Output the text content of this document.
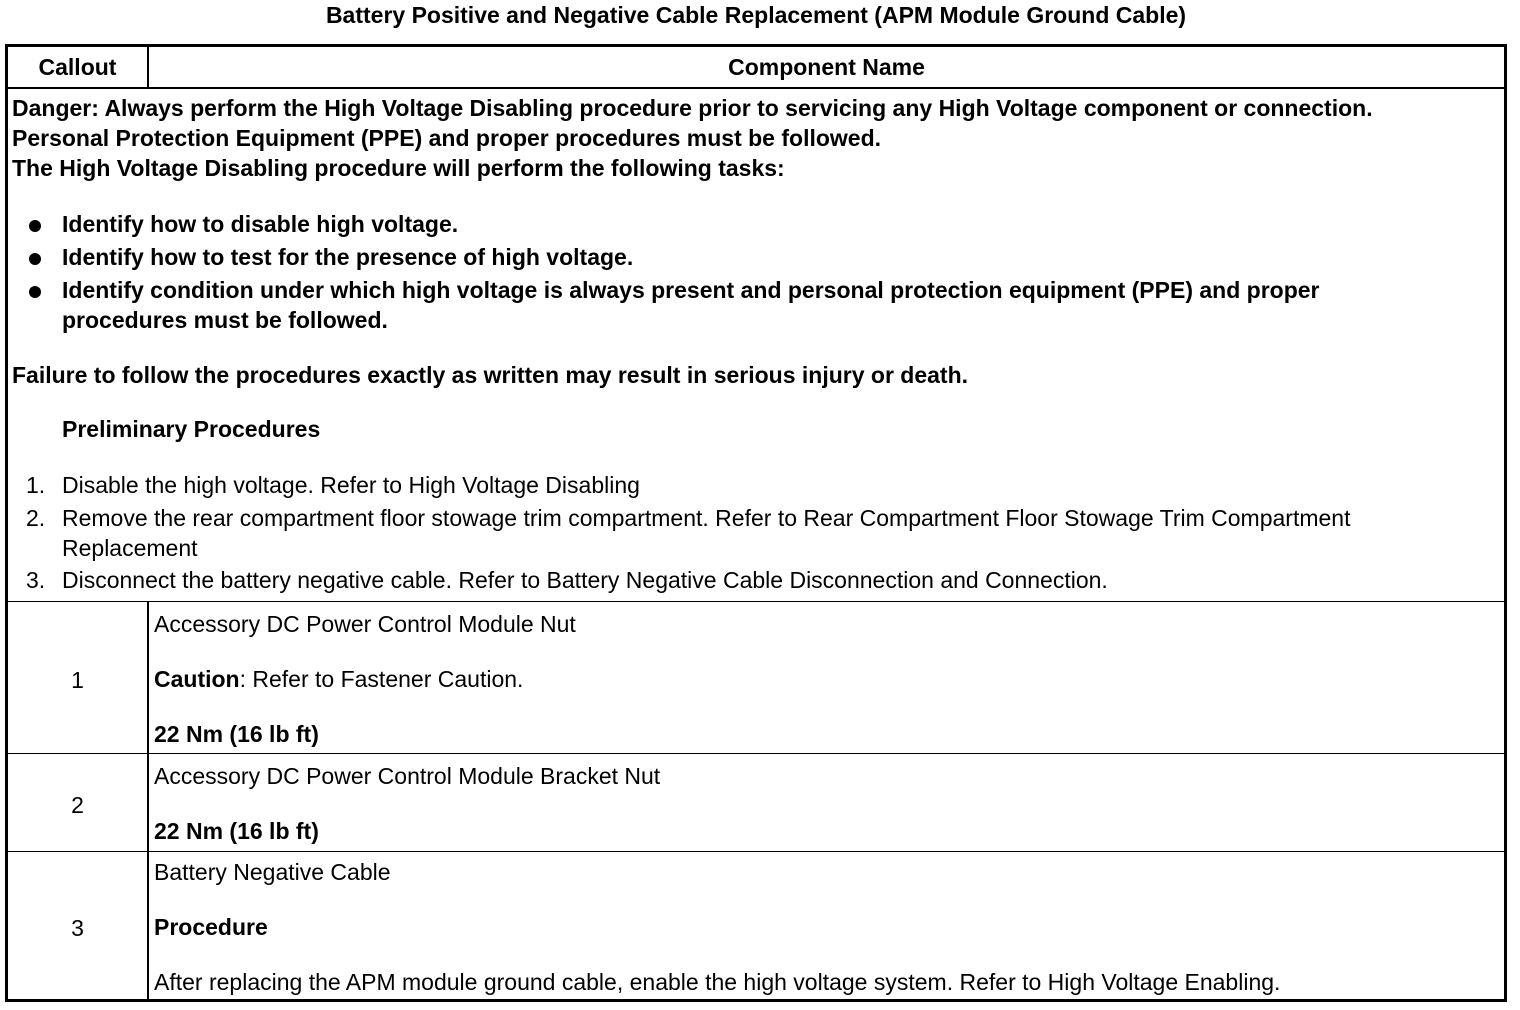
Battery Positive and Negative Cable Replacement (APM Module Ground Cable)
Callout	Component Name
Danger: Always perform the High Voltage Disabling procedure prior to servicing any High Voltage component or connection.
Personal Protection Equipment (PPE) and proper procedures must be followed.
The High Voltage Disabling procedure will perform the following tasks:
Identify how to disable high voltage.
Identify how to test for the presence of high voltage.
Identify condition under which high voltage is always present and personal protection equipment (PPE) and proper
procedures must be followed.
Failure to follow the procedures exactly as written may result in serious injury or death.
Preliminary Procedures
1. Disable the high voltage. Refer to High Voltage Disabling
2. Remove the rear compartment floor stowage trim compartment. Refer to Rear Compartment Floor Stowage Trim Compartment
Replacement
3. Disconnect the battery negative cable. Refer to Battery Negative Cable Disconnection and Connection.
1
Accessory DC Power Control Module Nut
Caution: Refer to Fastener Caution.
22 Nm (16 lb ft)
2
Accessory DC Power Control Module Bracket Nut
22 Nm (16 lb ft)
3
Battery Negative Cable
Procedure
After replacing the APM module ground cable, enable the high voltage system. Refer to High Voltage Enabling.
